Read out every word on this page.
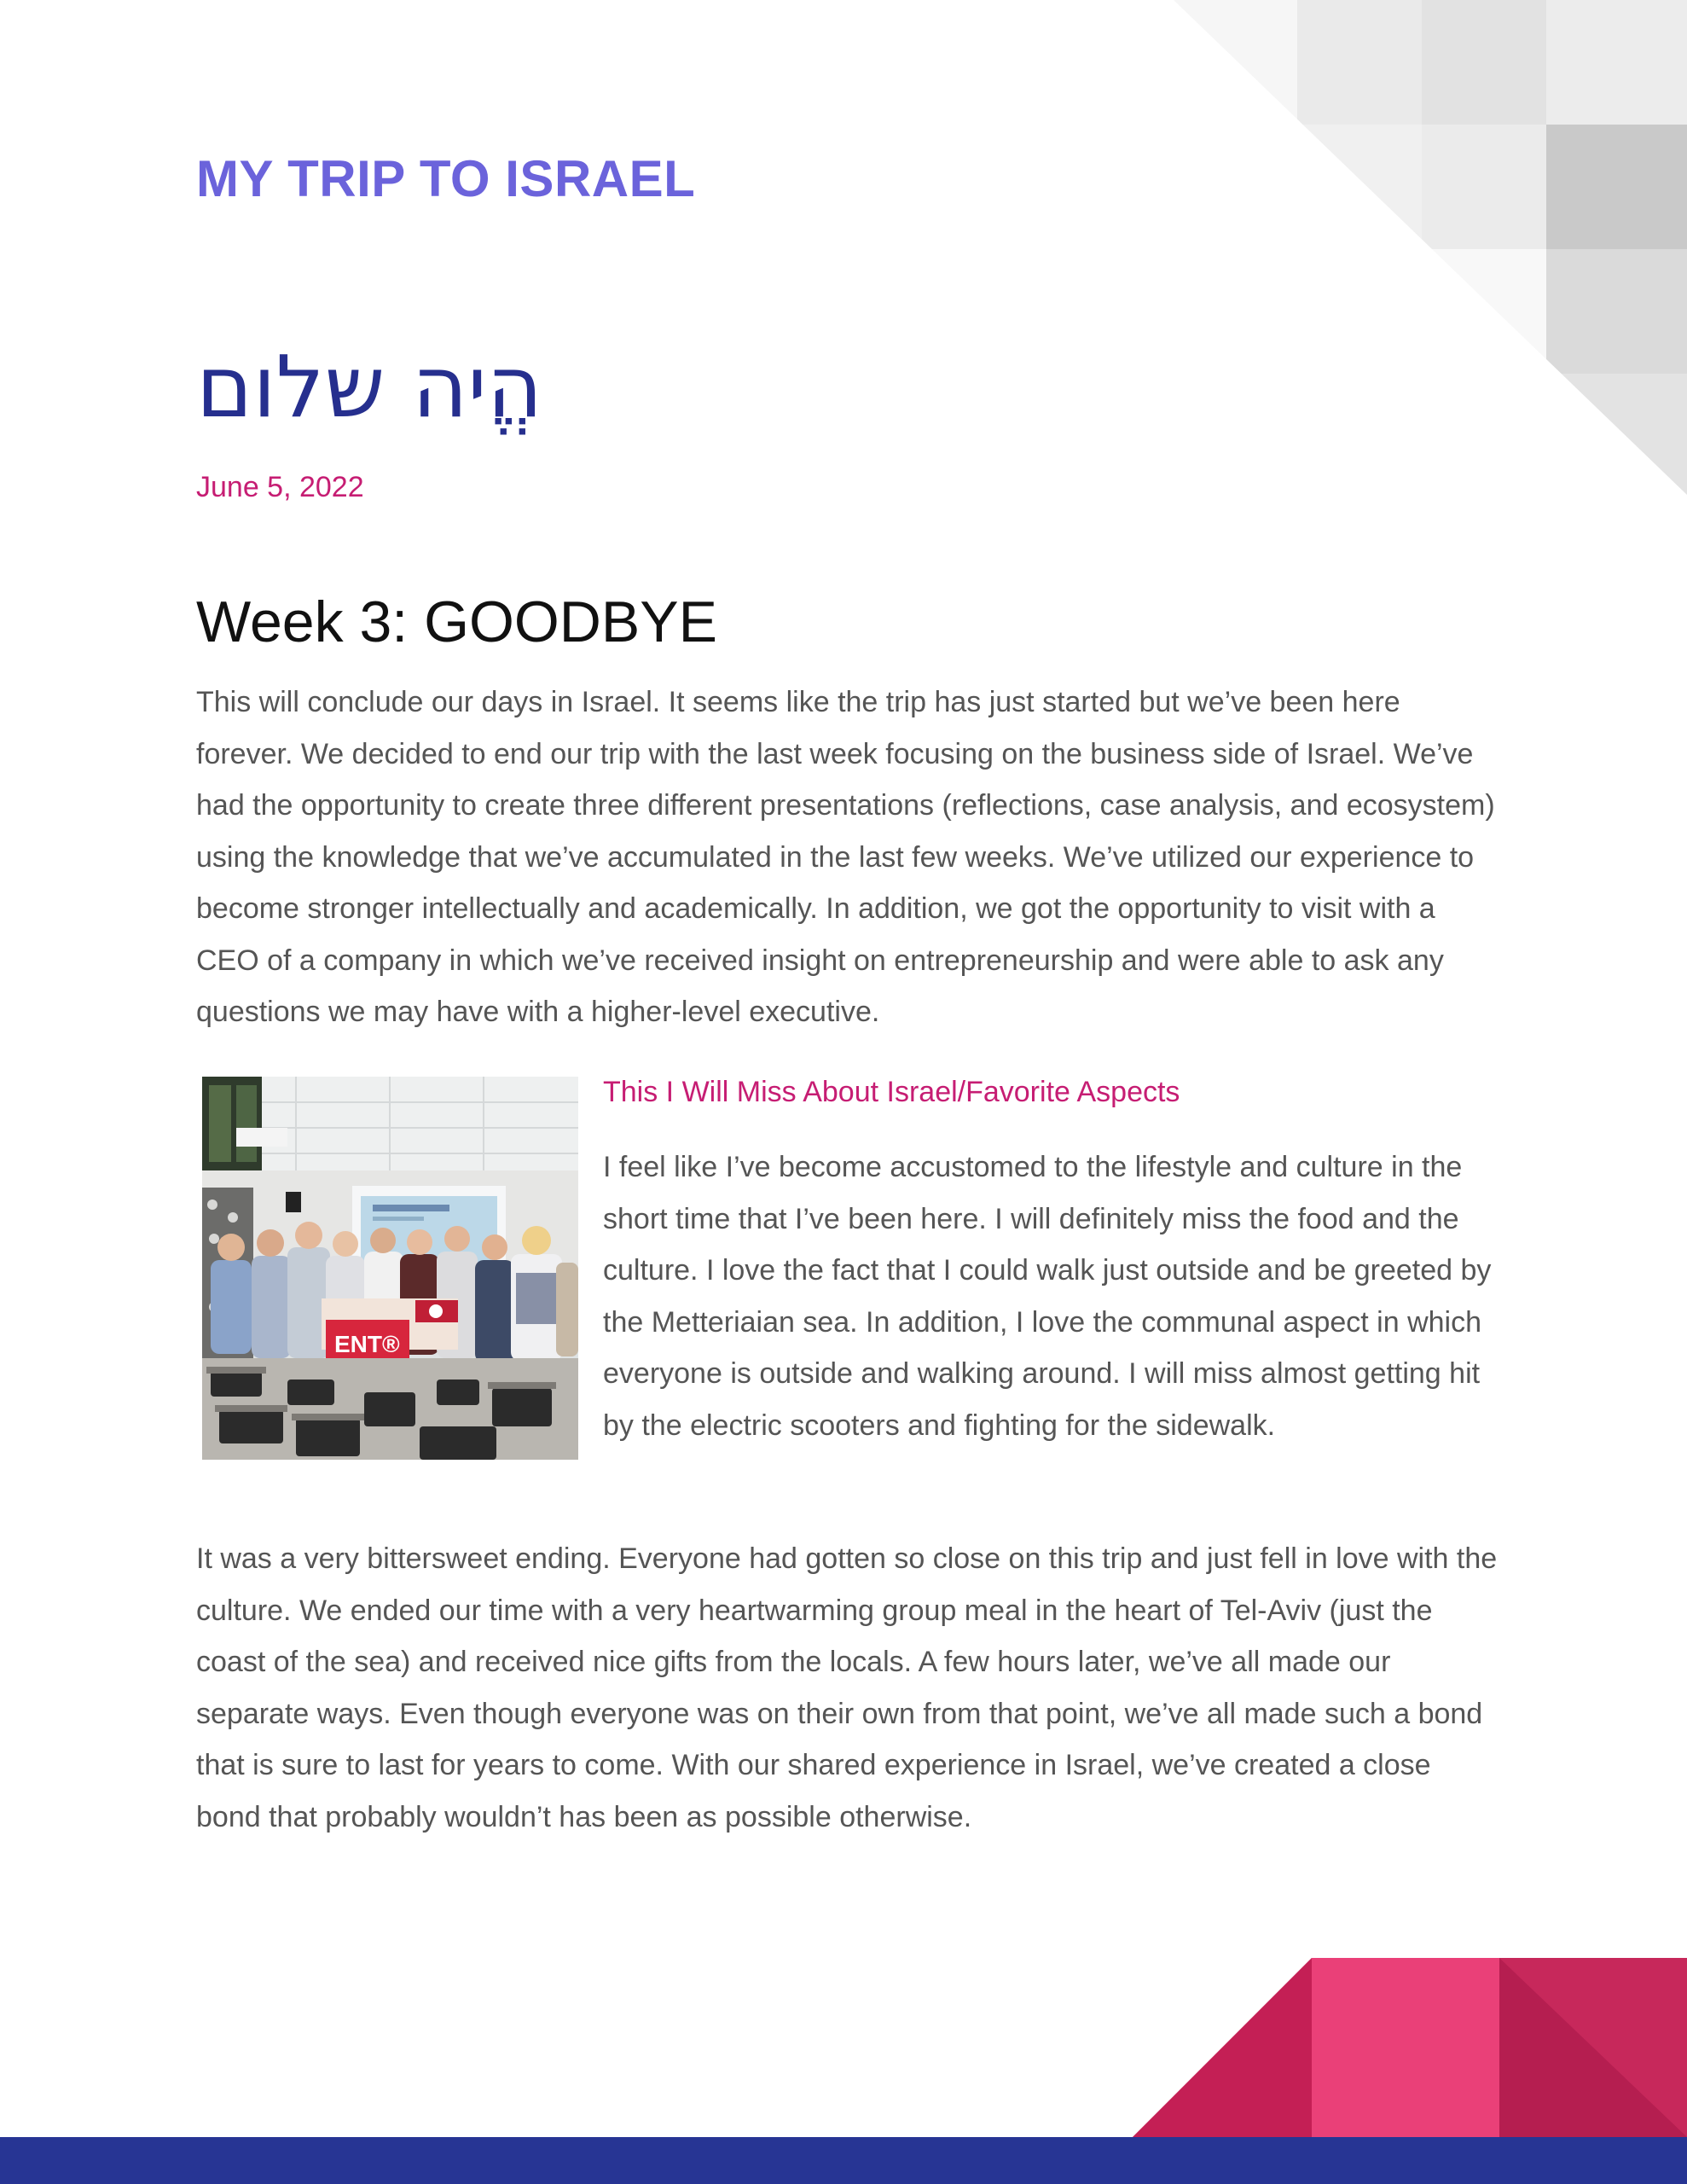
MY TRIP TO ISRAEL
הֱיה שלום
June 5, 2022
Week 3: GOODBYE

This will conclude our days in Israel. It seems like the trip has just started but we’ve been here forever. We decided to end our trip with the last week focusing on the business side of Israel. We’ve had the opportunity to create three different presentations (reflections, case analysis, and ecosystem) using the knowledge that we’ve accumulated in the last few weeks. We’ve utilized our experience to become stronger intellectually and academically. In addition, we got the opportunity to visit with a CEO of a company in which we’ve received insight on entrepreneurship and were able to ask any questions we may have with a higher-level executive.

ENT®
This I Will Miss About Israel/Favorite Aspects

I feel like I’ve become accustomed to the lifestyle and culture in the short time that I’ve been here. I will definitely miss the food and the culture. I love the fact that I could walk just outside and be greeted by the Metteriaian sea. In addition, I love the communal aspect in which everyone is outside and walking around. I will miss almost getting hit by the electric scooters and fighting for the sidewalk.

It was a very bittersweet ending. Everyone had gotten so close on this trip and just fell in love with the culture. We ended our time with a very heartwarming group meal in the heart of Tel-Aviv (just the coast of the sea) and received nice gifts from the locals. A few hours later, we’ve all made our separate ways. Even though everyone was on their own from that point, we’ve all made such a bond that is sure to last for years to come. With our shared experience in Israel, we’ve created a close bond that probably wouldn’t has been as possible otherwise.
